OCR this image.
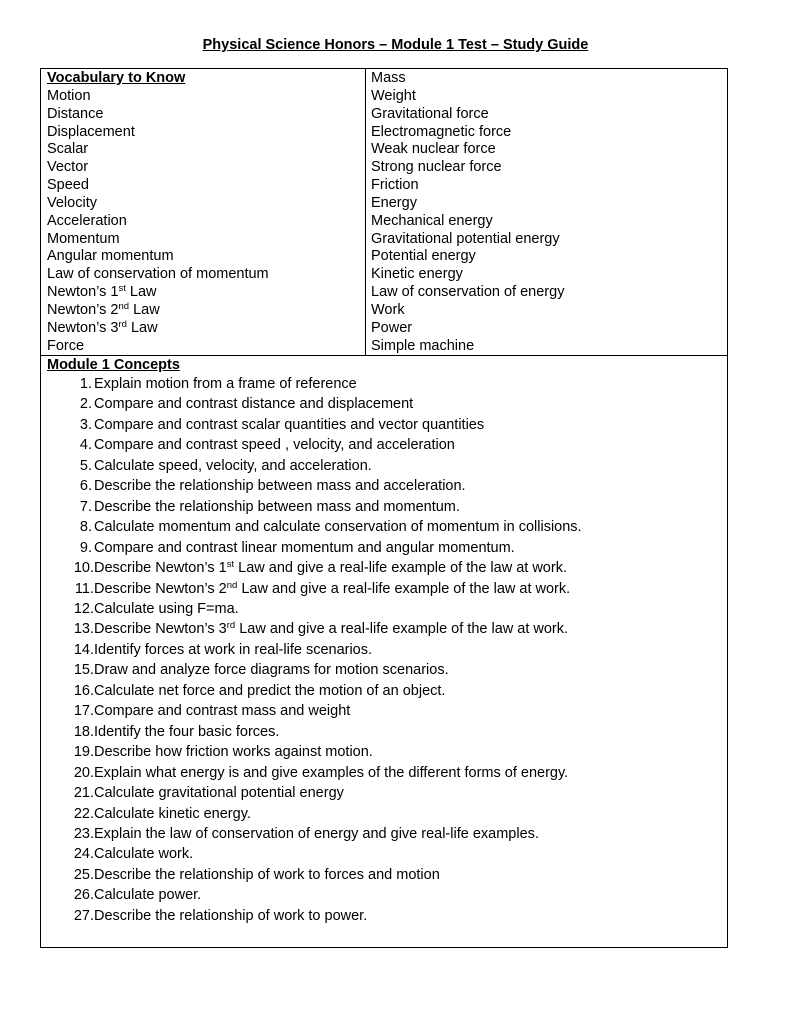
Physical Science Honors – Module 1 Test – Study Guide
Vocabulary to Know
Motion
Distance
Displacement
Scalar
Vector
Speed
Velocity
Acceleration
Momentum
Angular momentum
Law of conservation of momentum
Newton’s 1st Law
Newton’s 2nd Law
Newton’s 3rd Law
Force
Mass
Weight
Gravitational force
Electromagnetic force
Weak nuclear force
Strong nuclear force
Friction
Energy
Mechanical energy
Gravitational potential energy
Potential energy
Kinetic energy
Law of conservation of energy
Work
Power
Simple machine
Module 1 Concepts
1. Explain motion from a frame of reference
2. Compare and contrast distance and displacement
3. Compare and contrast scalar quantities and vector quantities
4. Compare and contrast speed , velocity, and acceleration
5. Calculate speed, velocity, and acceleration.
6. Describe the relationship between mass and acceleration.
7. Describe the relationship between mass and momentum.
8. Calculate momentum and calculate conservation of momentum in collisions.
9. Compare and contrast linear momentum and angular momentum.
10. Describe Newton’s 1st Law and give a real-life example of the law at work.
11. Describe Newton’s 2nd Law and give a real-life example of the law at work.
12. Calculate using F=ma.
13. Describe Newton’s 3rd Law and give a real-life example of the law at work.
14. Identify forces at work in real-life scenarios.
15. Draw and analyze force diagrams for motion scenarios.
16. Calculate net force and predict the motion of an object.
17. Compare and contrast mass and weight
18. Identify the four basic forces.
19. Describe how friction works against motion.
20. Explain what energy is and give examples of the different forms of energy.
21. Calculate gravitational potential energy
22. Calculate kinetic energy.
23. Explain the law of conservation of energy and give real-life examples.
24. Calculate work.
25. Describe the relationship of work to forces and motion
26. Calculate power.
27. Describe the relationship of work to power.
